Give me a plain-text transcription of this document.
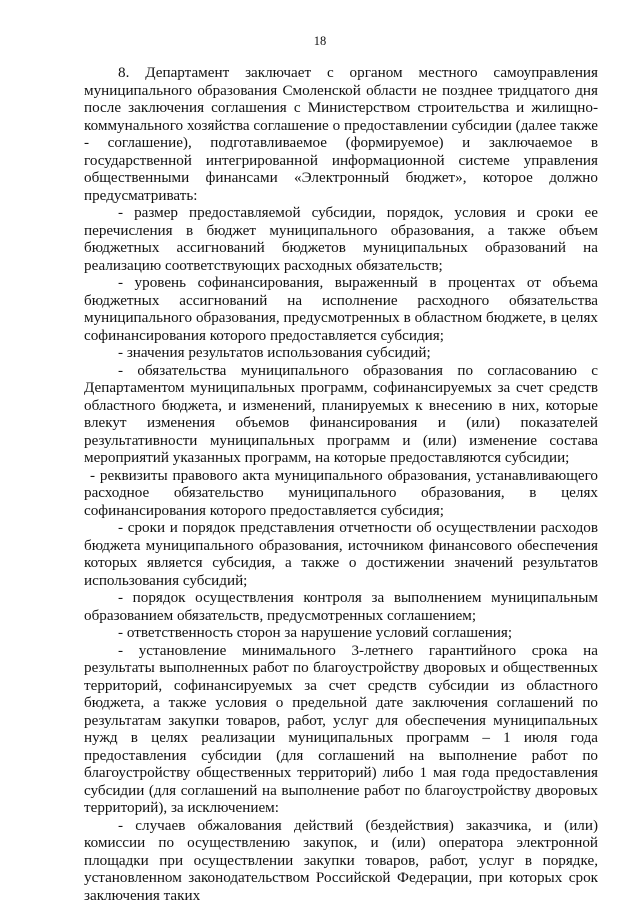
18

8. Департамент заключает с органом местного самоуправления муниципального образования Смоленской области не позднее тридцатого дня после заключения соглашения с Министерством строительства и жилищно-коммунального хозяйства соглашение о предоставлении субсидии (далее также - соглашение), подготавливаемое (формируемое) и заключаемое в государственной интегрированной информационной системе управления общественными финансами «Электронный бюджет», которое должно предусматривать:

- размер предоставляемой субсидии, порядок, условия и сроки ее перечисления в бюджет муниципального образования, а также объем бюджетных ассигнований бюджетов муниципальных образований на реализацию соответствующих расходных обязательств;

- уровень софинансирования, выраженный в процентах от объема бюджетных ассигнований на исполнение расходного обязательства муниципального образования, предусмотренных в областном бюджете, в целях софинансирования которого предоставляется субсидия;

- значения результатов использования субсидий;

- обязательства муниципального образования по согласованию с Департаментом муниципальных программ, софинансируемых за счет средств областного бюджета, и изменений, планируемых к внесению в них, которые влекут изменения объемов финансирования и (или) показателей результативности муниципальных программ и (или) изменение состава мероприятий указанных программ, на которые предоставляются субсидии;

- реквизиты правового акта муниципального образования, устанавливающего расходное обязательство муниципального образования, в целях софинансирования которого предоставляется субсидия;

- сроки и порядок представления отчетности об осуществлении расходов бюджета муниципального образования, источником финансового обеспечения которых является субсидия, а также о достижении значений результатов использования субсидий;

- порядок осуществления контроля за выполнением муниципальным образованием обязательств, предусмотренных соглашением;

- ответственность сторон за нарушение условий соглашения;

- установление минимального 3-летнего гарантийного срока на результаты выполненных работ по благоустройству дворовых и общественных территорий, софинансируемых за счет средств субсидии из областного бюджета, а также условия о предельной дате заключения соглашений по результатам закупки товаров, работ, услуг для обеспечения муниципальных нужд в целях реализации муниципальных программ – 1 июля года предоставления субсидии (для соглашений на выполнение работ по благоустройству общественных территорий) либо 1 мая года предоставления субсидии (для соглашений на выполнение работ по благоустройству дворовых территорий), за исключением:

- случаев обжалования действий (бездействия) заказчика, и (или) комиссии по осуществлению закупок, и (или) оператора электронной площадки при осуществлении закупки товаров, работ, услуг в порядке, установленном законодательством Российской Федерации, при которых срок заключения таких
